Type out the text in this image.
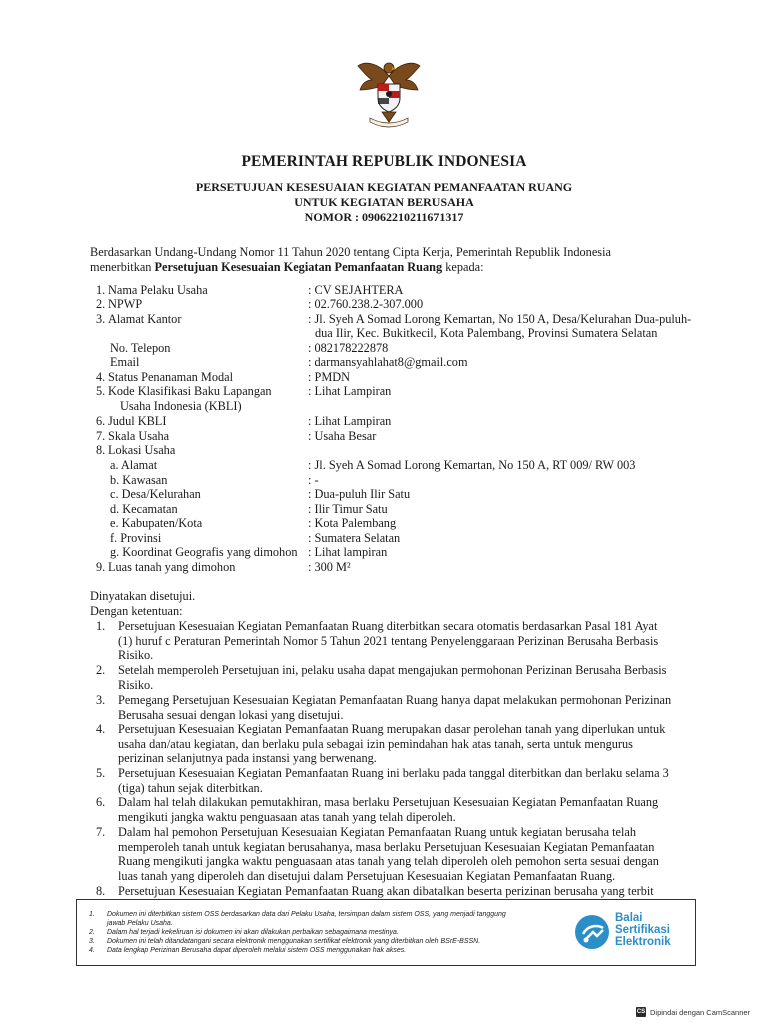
PEMERINTAH REPUBLIK INDONESIA
PERSETUJUAN KESESUAIAN KEGIATAN PEMANFAATAN RUANG
UNTUK KEGIATAN BERUSAHA
NOMOR : 09062210211671317
Berdasarkan Undang-Undang Nomor 11 Tahun 2020 tentang Cipta Kerja, Pemerintah Republik Indonesia
menerbitkan Persetujuan Kesesuaian Kegiatan Pemanfaatan Ruang kepada:
1. Nama Pelaku Usaha	: CV SEJAHTERA
2. NPWP	: 02.760.238.2-307.000
3. Alamat Kantor	: Jl. Syeh A Somad Lorong Kemartan, No 150 A, Desa/Kelurahan Dua-puluh-
dua Ilir, Kec. Bukitkecil, Kota Palembang, Provinsi Sumatera Selatan
No. Telepon	: 082178222878
Email	: darmansyahlahat8@gmail.com
4. Status Penanaman Modal	: PMDN
5. Kode Klasifikasi Baku Lapangan
Usaha Indonesia (KBLI)
: Lihat Lampiran
6. Judul KBLI	: Lihat Lampiran
7. Skala Usaha	: Usaha Besar
8. Lokasi Usaha
a. Alamat	: Jl. Syeh A Somad Lorong Kemartan, No 150 A, RT 009/ RW 003
b. Kawasan	: -
c. Desa/Kelurahan	: Dua-puluh Ilir Satu
d. Kecamatan	: Ilir Timur Satu
e. Kabupaten/Kota	: Kota Palembang
f. Provinsi	: Sumatera Selatan
g. Koordinat Geografis yang dimohon : Lihat lampiran
9. Luas tanah yang dimohon	: 300 M²
Dinyatakan disetujui.
Dengan ketentuan:
1.	Persetujuan Kesesuaian Kegiatan Pemanfaatan Ruang diterbitkan secara otomatis berdasarkan Pasal 181 Ayat
(1) huruf c Peraturan Pemerintah Nomor 5 Tahun 2021 tentang Penyelenggaraan Perizinan Berusaha Berbasis
Risiko.
2.	Setelah memperoleh Persetujuan ini, pelaku usaha dapat mengajukan permohonan Perizinan Berusaha Berbasis
Risiko.
3.	Pemegang Persetujuan Kesesuaian Kegiatan Pemanfaatan Ruang hanya dapat melakukan permohonan Perizinan
Berusaha sesuai dengan lokasi yang disetujui.
4.	Persetujuan Kesesuaian Kegiatan Pemanfaatan Ruang merupakan dasar perolehan tanah yang diperlukan untuk
usaha dan/atau kegiatan, dan berlaku pula sebagai izin pemindahan hak atas tanah, serta untuk mengurus
perizinan selanjutnya pada instansi yang berwenang.
5.	Persetujuan Kesesuaian Kegiatan Pemanfaatan Ruang ini berlaku pada tanggal diterbitkan dan berlaku selama 3
(tiga) tahun sejak diterbitkan.
6.	Dalam hal telah dilakukan pemutakhiran, masa berlaku Persetujuan Kesesuaian Kegiatan Pemanfaatan Ruang
mengikuti jangka waktu penguasaan atas tanah yang telah diperoleh.
7.	Dalam hal pemohon Persetujuan Kesesuaian Kegiatan Pemanfaatan Ruang untuk kegiatan berusaha telah
memperoleh tanah untuk kegiatan berusahanya, masa berlaku Persetujuan Kesesuaian Kegiatan Pemanfaatan
Ruang mengikuti jangka waktu penguasaan atas tanah yang telah diperoleh oleh pemohon serta sesuai dengan
luas tanah yang diperoleh dan disetujui dalam Persetujuan Kesesuaian Kegiatan Pemanfaatan Ruang.
8.	Persetujuan Kesesuaian Kegiatan Pemanfaatan Ruang akan dibatalkan beserta perizinan berusaha yang terbit
1.	Dokumen ini diterbitkan sistem OSS berdasarkan data dari Pelaku Usaha, tersimpan dalam sistem OSS, yang menjadi tanggung
jawab Pelaku Usaha.
2.	Dalam hal terjadi kekeliruan isi dokumen ini akan dilakukan perbaikan sebagaimana mestinya.
3.	Dokumen ini telah ditandatangani secara elektronik menggunakan sertifikat elektronik yang diterbitkan oleh BSrE-BSSN.
4.	Data lengkap Perizinan Berusaha dapat diperoleh melalui sistem OSS menggunakan hak akses.
Balai
Sertifikasi
Elektronik
CS Dipindai dengan CamScanner
